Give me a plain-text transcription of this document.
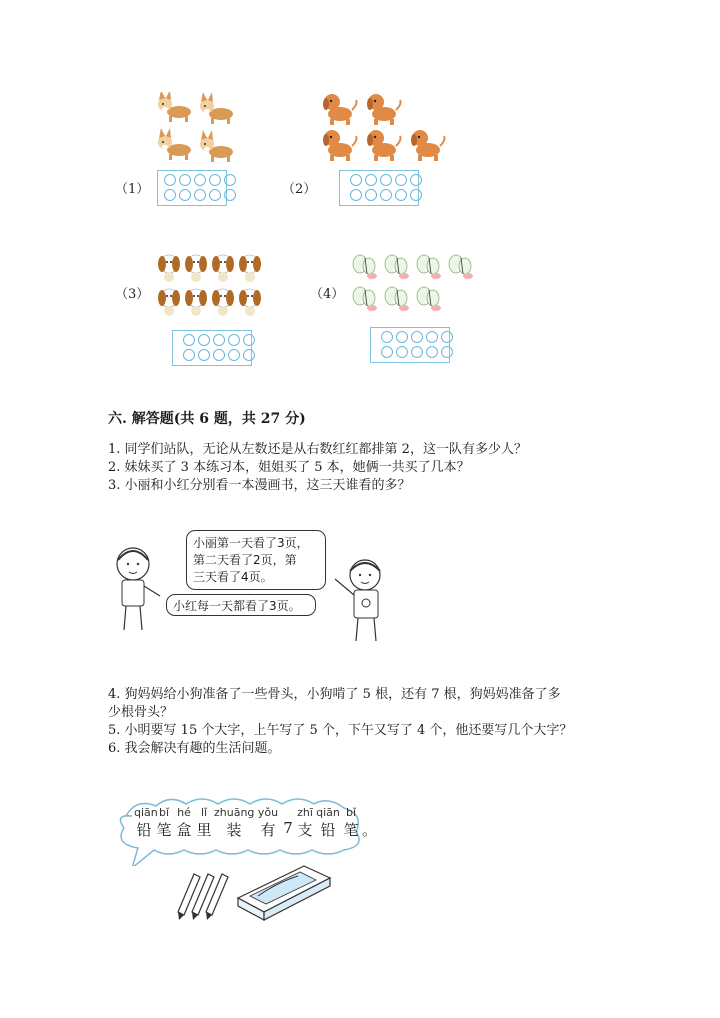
（1）	（2）
（3）	（4）
六. 解答题(共 6 题，共 27 分)
1. 同学们站队，无论从左数还是从右数红红都排第 2，这一队有多少人？
2. 妹妹买了 3 本练习本，姐姐买了 5 本，她俩一共买了几本？
3. 小丽和小红分别看一本漫画书，这三天谁看的多？
小丽第一天看了3页，
第二天看了2页，第
三天看了4页。
小红每一天都看了3页。
4. 狗妈妈给小狗准备了一些骨头，小狗啃了 5 根，还有 7 根，狗妈妈准备了多
少根骨头？
5. 小明要写 15 个大字，上午写了 5 个，下午又写了 4 个，他还要写几个大字？
6. 我会解决有趣的生活问题。
qiān
铅
bǐ
笔
hé
盒
lǐ
里
zhuāng
装
yǒu
有
7
zhī
支
qiān
铅
bǐ
笔
。
